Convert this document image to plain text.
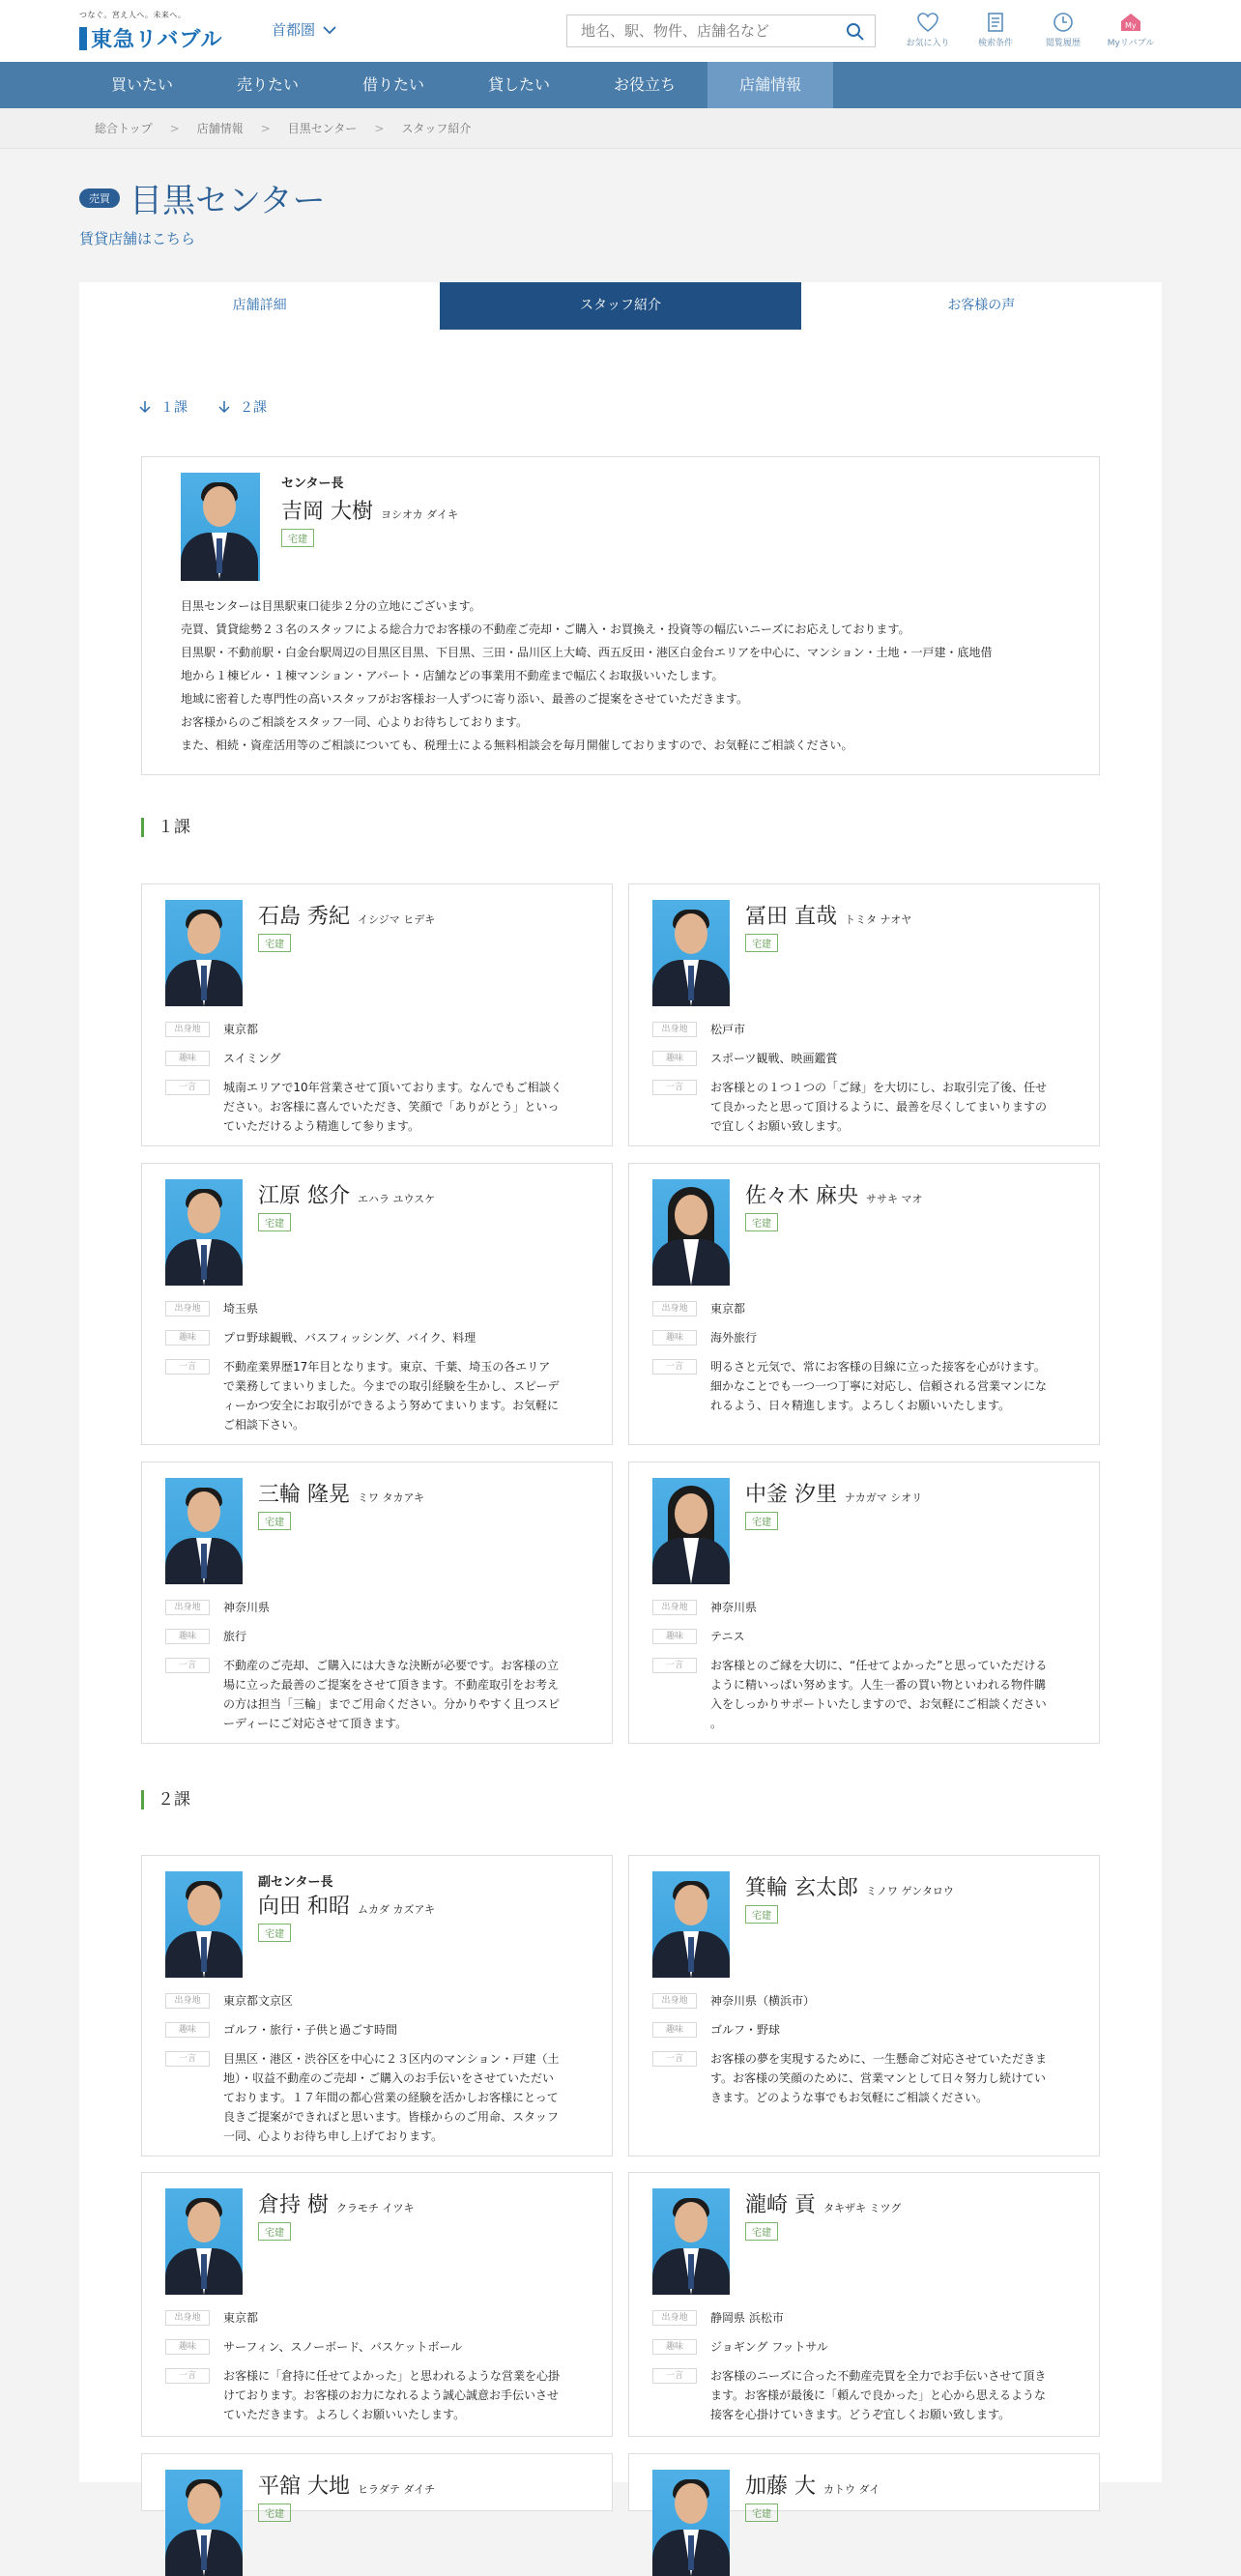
つなぐ。宮え人へ。未来へ。
東急リバブル	首都圏
地名、駅、物件、店舗名など
お気に入り	検索条件	閲覧履歴
My
Myリバブル
買いたい	売りたい	借りたい	貸したい	お役立ち	店舗情報
総合トップ > 店舗情報 > 目黒センター > スタッフ紹介
売買 目黒センター
賃貸店舗はこちら
店舗詳細	スタッフ紹介	お客様の声
１課	２課
センター長
吉岡 大樹 ヨシオカ ダイキ
宅建
目黒センターは目黒駅東口徒歩２分の立地にございます。
売買、賃貸総勢２３名のスタッフによる総合力でお客様の不動産ご売却・ご購入・お買換え・投資等の幅広いニーズにお応えしております。
目黒駅・不動前駅・白金台駅周辺の目黒区目黒、下目黒、三田・品川区上大崎、西五反田・港区白金台エリアを中心に、マンション・土地・一戸建・底地借
地から１棟ビル・１棟マンション・アパート・店舗などの事業用不動産まで幅広くお取扱いいたします。
地域に密着した専門性の高いスタッフがお客様お一人ずつに寄り添い、最善のご提案をさせていただきます。
お客様からのご相談をスタッフ一同、心よりお待ちしております。
また、相続・資産活用等のご相談についても、税理士による無料相談会を毎月開催しておりますので、お気軽にご相談ください。
１課
２課
石島 秀紀 イシジマ ヒデキ
宅建
出身地	東京都
趣味	スイミング
一言	城南エリアで10年営業させて頂いております。なんでもご相談く
ださい。お客様に喜んでいただき、笑顔で「ありがとう」といっ
ていただけるよう精進して参ります。
冨田 直哉 トミタ ナオヤ
宅建
出身地	松戸市
趣味	スポーツ観戦、映画鑑賞
一言	お客様との１つ１つの「ご縁」を大切にし、お取引完了後、任せ
て良かったと思って頂けるように、最善を尽くしてまいりますの
で宜しくお願い致します。
江原 悠介 エハラ ユウスケ
宅建
出身地	埼玉県
趣味	プロ野球観戦、バスフィッシング、バイク、料理
一言	不動産業界歴17年目となります。東京、千葉、埼玉の各エリア
で業務してまいりました。今までの取引経験を生かし、スピーデ
ィーかつ安全にお取引ができるよう努めてまいります。お気軽に
ご相談下さい。
佐々木 麻央 ササキ マオ
宅建
出身地	東京都
趣味	海外旅行
一言	明るさと元気で、常にお客様の目線に立った接客を心がけます。
細かなことでも一つ一つ丁寧に対応し、信頼される営業マンにな
れるよう、日々精進します。よろしくお願いいたします。
三輪 隆晃 ミワ タカアキ
宅建
出身地	神奈川県
趣味	旅行
一言	不動産のご売却、ご購入には大きな決断が必要です。お客様の立
場に立った最善のご提案をさせて頂きます。不動産取引をお考え
の方は担当「三輪」までご用命ください。分かりやすく且つスピ
ーディーにご対応させて頂きます。
中釜 汐里 ナカガマ シオリ
宅建
出身地	神奈川県
趣味	テニス
一言	お客様とのご縁を大切に、“任せてよかった”と思っていただける
ように精いっぱい努めます。人生一番の買い物といわれる物件購
入をしっかりサポートいたしますので、お気軽にご相談ください
。
副センター長
向田 和昭 ムカダ カズアキ
宅建
出身地	東京都文京区
趣味	ゴルフ・旅行・子供と過ごす時間
一言	目黒区・港区・渋谷区を中心に２３区内のマンション・戸建（土
地）・収益不動産のご売却・ご購入のお手伝いをさせていただい
ております。１７年間の都心営業の経験を活かしお客様にとって
良きご提案ができればと思います。皆様からのご用命、スタッフ
一同、心よりお待ち申し上げております。
箕輪 玄太郎 ミノワ ゲンタロウ
宅建
出身地	神奈川県（横浜市）
趣味	ゴルフ・野球
一言	お客様の夢を実現するために、一生懸命ご対応させていただきま
す。お客様の笑顔のために、営業マンとして日々努力し続けてい
きます。どのような事でもお気軽にご相談ください。
倉持 樹 クラモチ イツキ
宅建
出身地	東京都
趣味	サーフィン、スノーボード、バスケットボール
一言	お客様に「倉持に任せてよかった」と思われるような営業を心掛
けております。お客様のお力になれるよう誠心誠意お手伝いさせ
ていただきます。よろしくお願いいたします。
瀧崎 貢 タキザキ ミツグ
宅建
出身地	静岡県 浜松市
趣味	ジョギング フットサル
一言	お客様のニーズに合った不動産売買を全力でお手伝いさせて頂き
ます。お客様が最後に「頼んで良かった」と心から思えるような
接客を心掛けていきます。どうぞ宜しくお願い致します。
平舘 大地 ヒラダテ ダイチ
宅建
加藤 大 カトウ ダイ
宅建
